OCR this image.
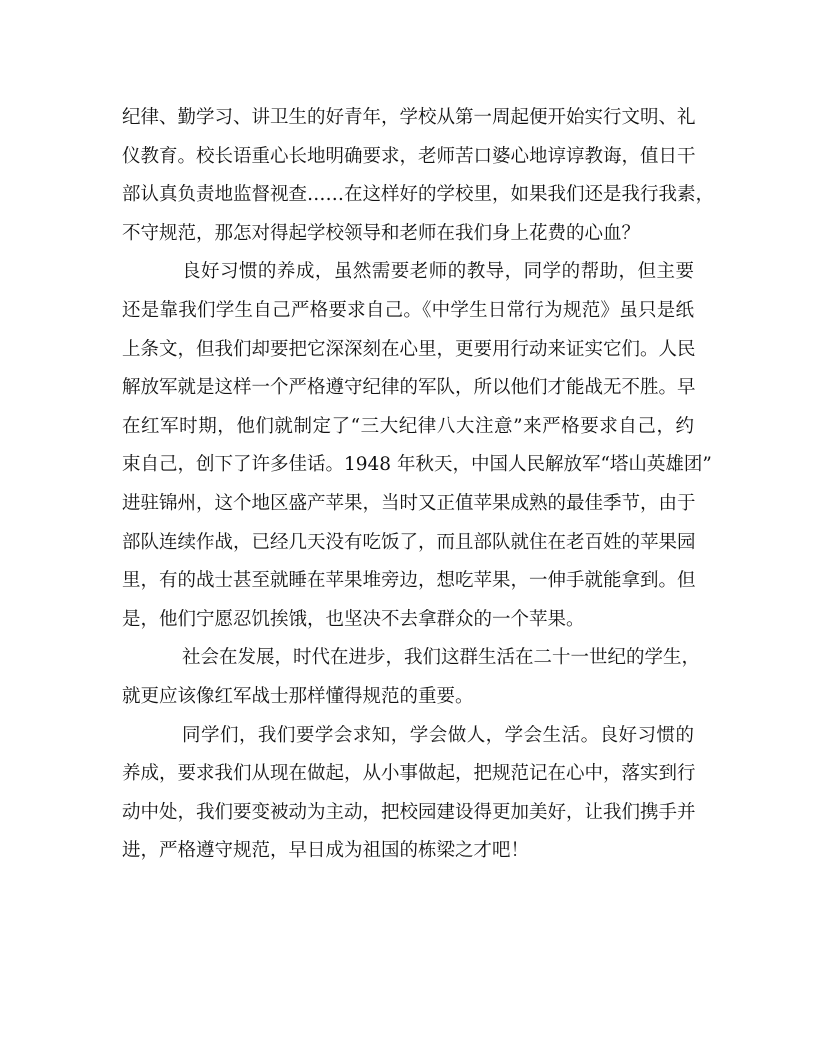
纪律、勤学习、讲卫生的好青年，学校从第一周起便开始实行文明、礼
仪教育。校长语重心长地明确要求，老师苦口婆心地谆谆教诲，值日干
部认真负责地监督视查……在这样好的学校里，如果我们还是我行我素，
不守规范，那怎对得起学校领导和老师在我们身上花费的心血？
良好习惯的养成，虽然需要老师的教导，同学的帮助，但主要
还是靠我们学生自己严格要求自己。《中学生日常行为规范》虽只是纸
上条文，但我们却要把它深深刻在心里，更要用行动来证实它们。人民
解放军就是这样一个严格遵守纪律的军队，所以他们才能战无不胜。早
在红军时期，他们就制定了“三大纪律八大注意”来严格要求自己，约
束自己，创下了许多佳话。1948 年秋天，中国人民解放军“塔山英雄团”
进驻锦州，这个地区盛产苹果，当时又正值苹果成熟的最佳季节，由于
部队连续作战，已经几天没有吃饭了，而且部队就住在老百姓的苹果园
里，有的战士甚至就睡在苹果堆旁边，想吃苹果，一伸手就能拿到。但
是，他们宁愿忍饥挨饿，也坚决不去拿群众的一个苹果。
社会在发展，时代在进步，我们这群生活在二十一世纪的学生，
就更应该像红军战士那样懂得规范的重要。
同学们，我们要学会求知，学会做人，学会生活。良好习惯的
养成，要求我们从现在做起，从小事做起，把规范记在心中，落实到行
动中处，我们要变被动为主动，把校园建设得更加美好，让我们携手并
进，严格遵守规范，早日成为祖国的栋梁之才吧！
